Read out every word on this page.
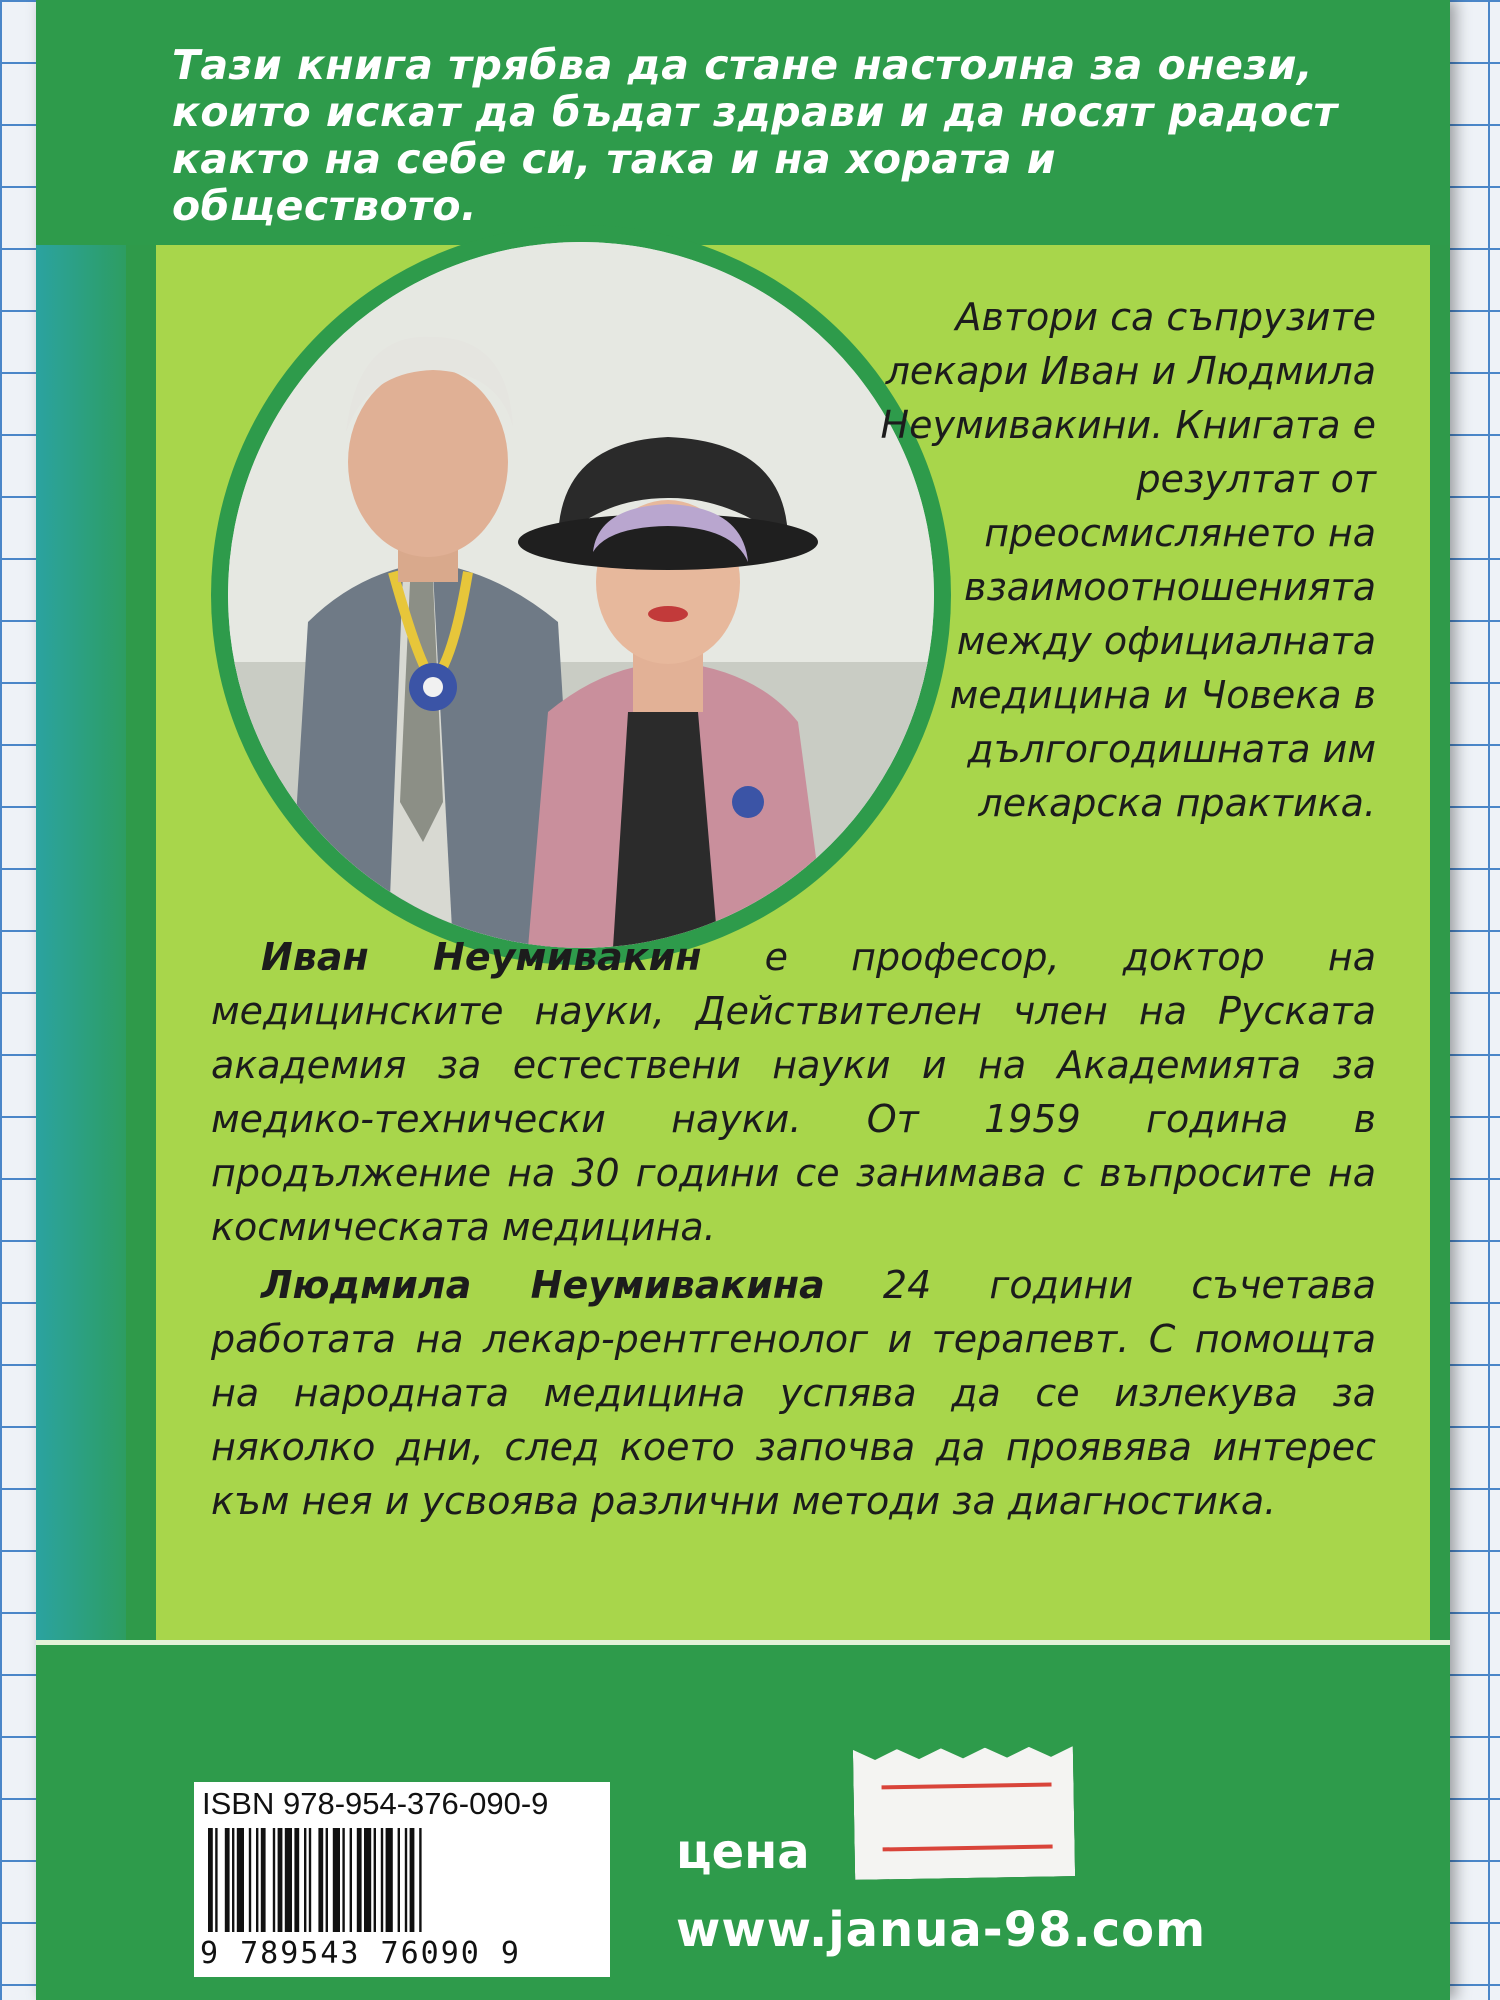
Тази книга трябва да стане настолна за онези, които искат да бъдат здрави и да носят радост както на себе си, така и на хората и обществото.

Автори са съпрузите лекари Иван и Людмила Неумивакини. Книгата е резултат от преосмислянето на взаимоотношенията между официалната медицина и Човека в дългогодишната им лекарска практика.

Иван Неумивакин е професор, доктор на медицинските науки, Действителен член на Руската академия за естествени науки и на Академията за медико-технически науки. От 1959 година в продължение на 30 години се занимава с въпросите на космическата медицина.

Людмила Неумивакина 24 години съчетава работата на лекар-рентгенолог и терапевт. С помощта на народната медицина успява да се излекува за няколко дни, след което започва да проявява интерес към нея и усвоява различни методи за диагностика.

ISBN 978-954-376-090-9

9 789543 76090 9

цена

www.janua-98.com
